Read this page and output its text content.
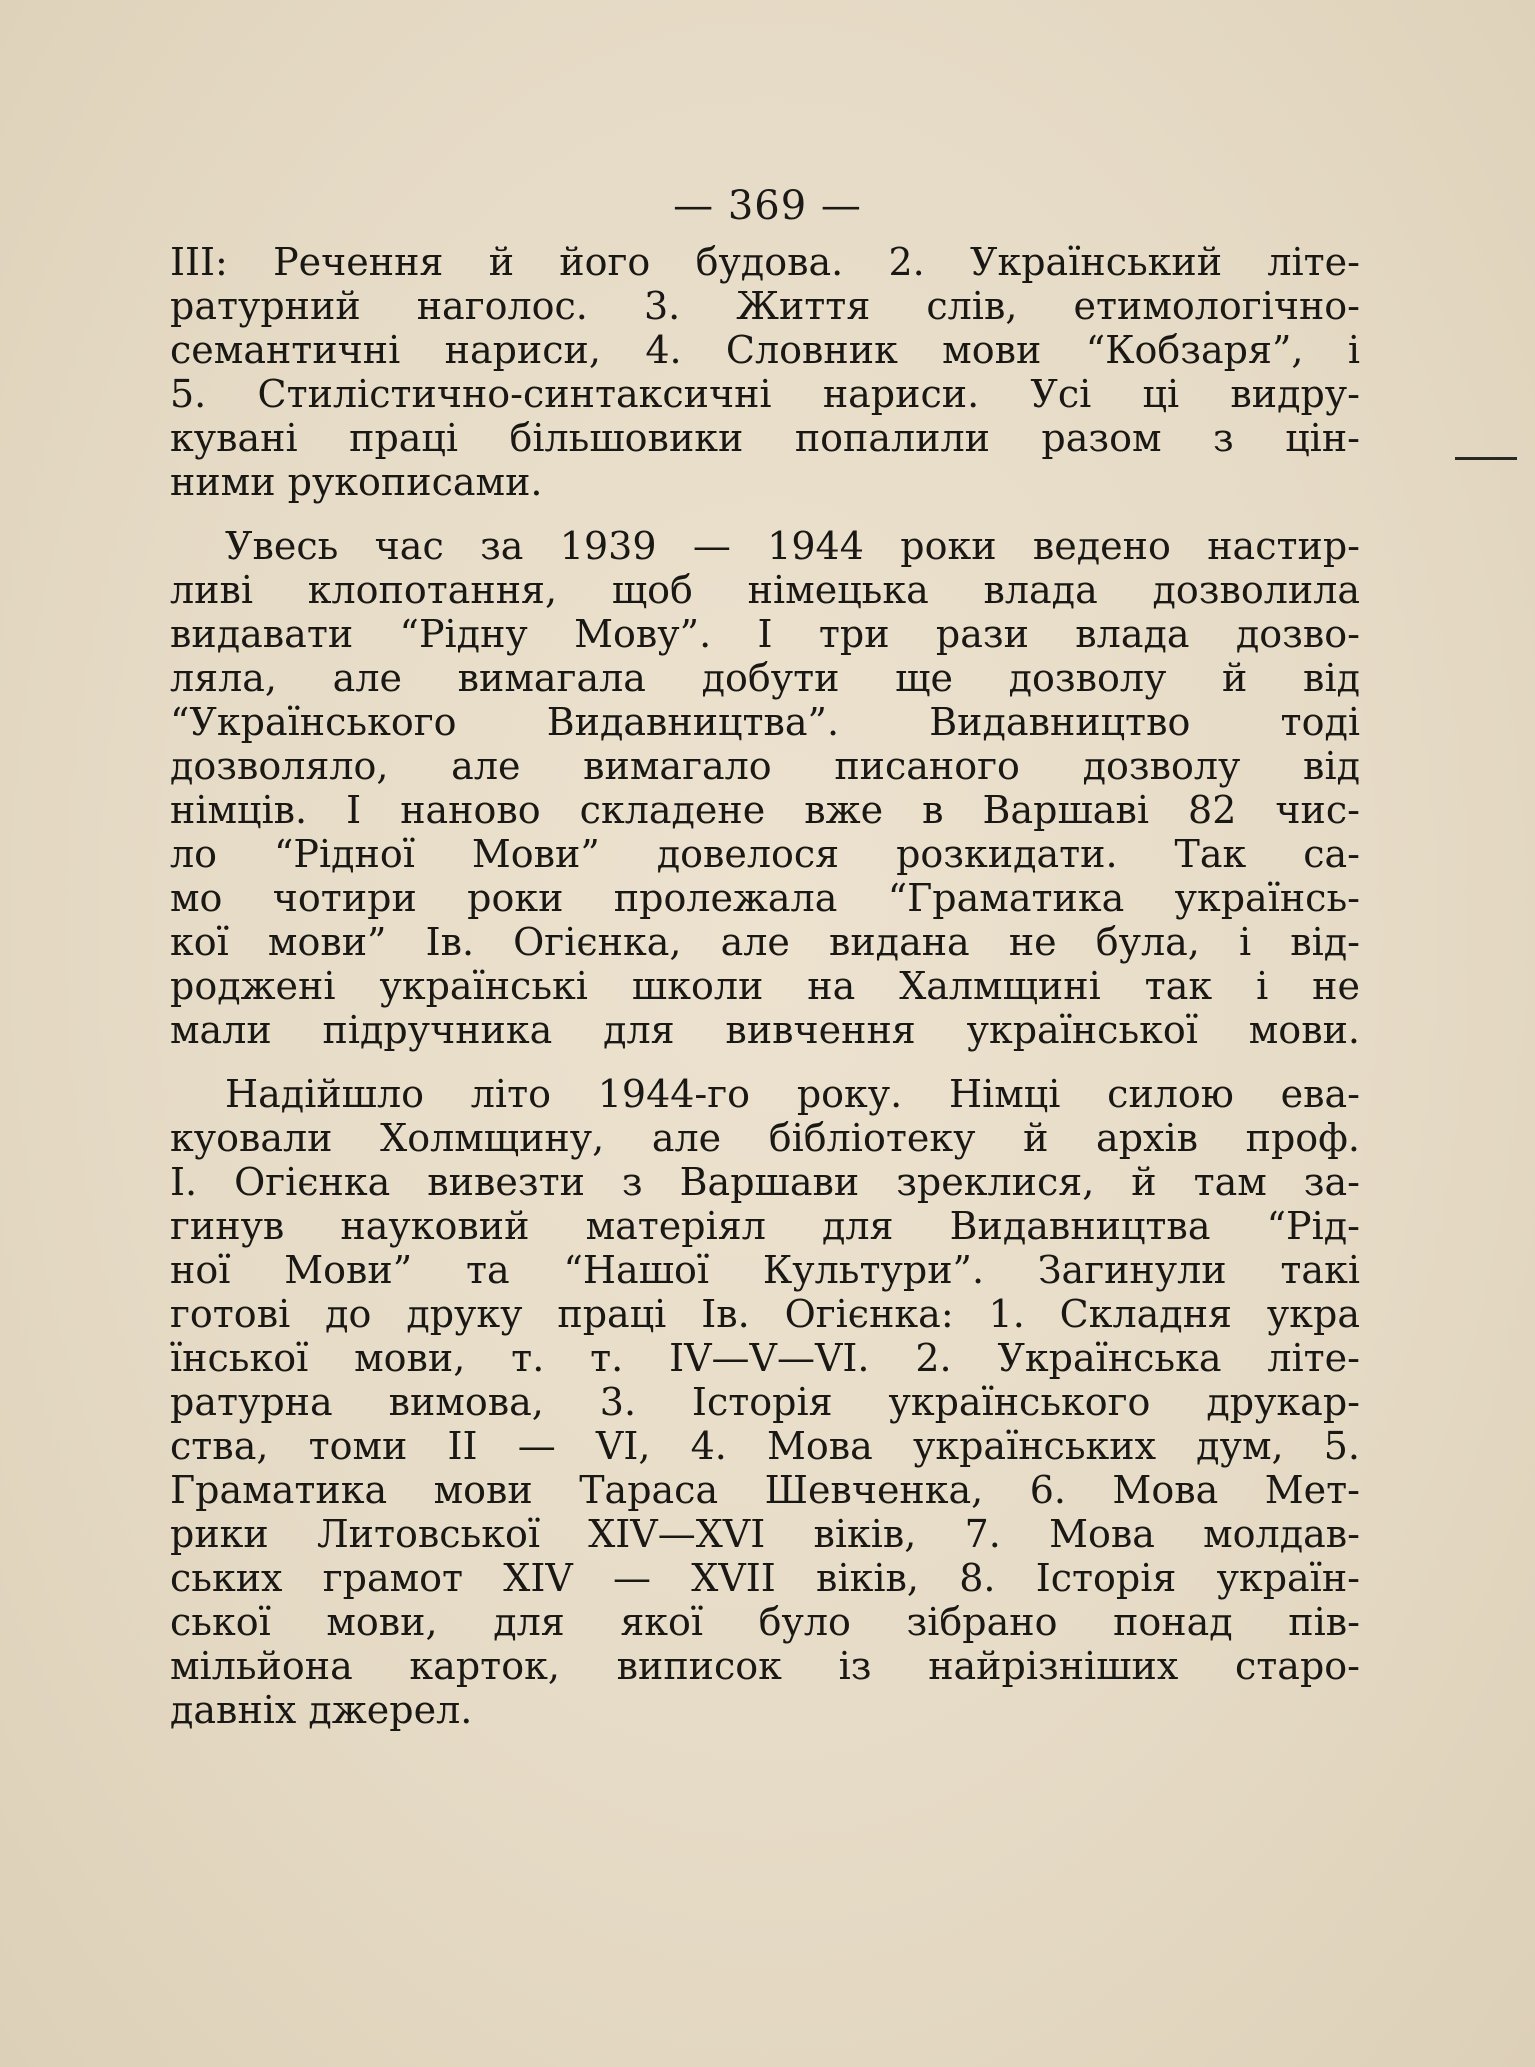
— 369 —
ІІІ: Речення й його будова. 2. Український літе-
ратурний наголос. 3. Життя слів, етимологічно-
семантичні нариси, 4. Словник мови “Кобзаря”, і
5. Стилістично-синтаксичні нариси. Усі ці видру-
кувані праці більшовики попалили разом з цін-
ними рукописами.
Увесь час за 1939 — 1944 роки ведено настир-
ливі клопотання, щоб німецька влада дозволила
видавати “Рідну Мову”. І три рази влада дозво-
ляла, але вимагала добути ще дозволу й від
“Українського Видавництва”. Видавництво тоді
дозволяло, але вимагало писаного дозволу від
німців. І наново складене вже в Варшаві 82 чис-
ло “Рідної Мови” довелося розкидати. Так са-
мо чотири роки пролежала “Граматика українсь-
кої мови” Ів. Огієнка, але видана не була, і від-
роджені українські школи на Халмщині так і не
мали підручника для вивчення української мови.
Надійшло літо 1944-го року. Німці силою ева-
куовали Холмщину, але бібліотеку й архів проф.
І. Огієнка вивезти з Варшави зреклися, й там за-
гинув науковий матеріял для Видавництва “Рід-
ної Мови” та “Нашої Культури”. Загинули такі
готові до друку праці Ів. Огієнка: 1. Складня укра
їнської мови, т. т. IV—V—VI. 2. Українська літе-
ратурна вимова, 3. Історія українського друкар-
ства, томи II — VI, 4. Мова українських дум, 5.
Граматика мови Тараса Шевченка, 6. Мова Мет-
рики Литовської XIV—XVI віків, 7. Мова молдав-
ських грамот XIV — XVII віків, 8. Історія україн-
ської мови, для якої було зібрано понад пів-
мільйона карток, виписок із найрізніших старо-
давніх джерел.
